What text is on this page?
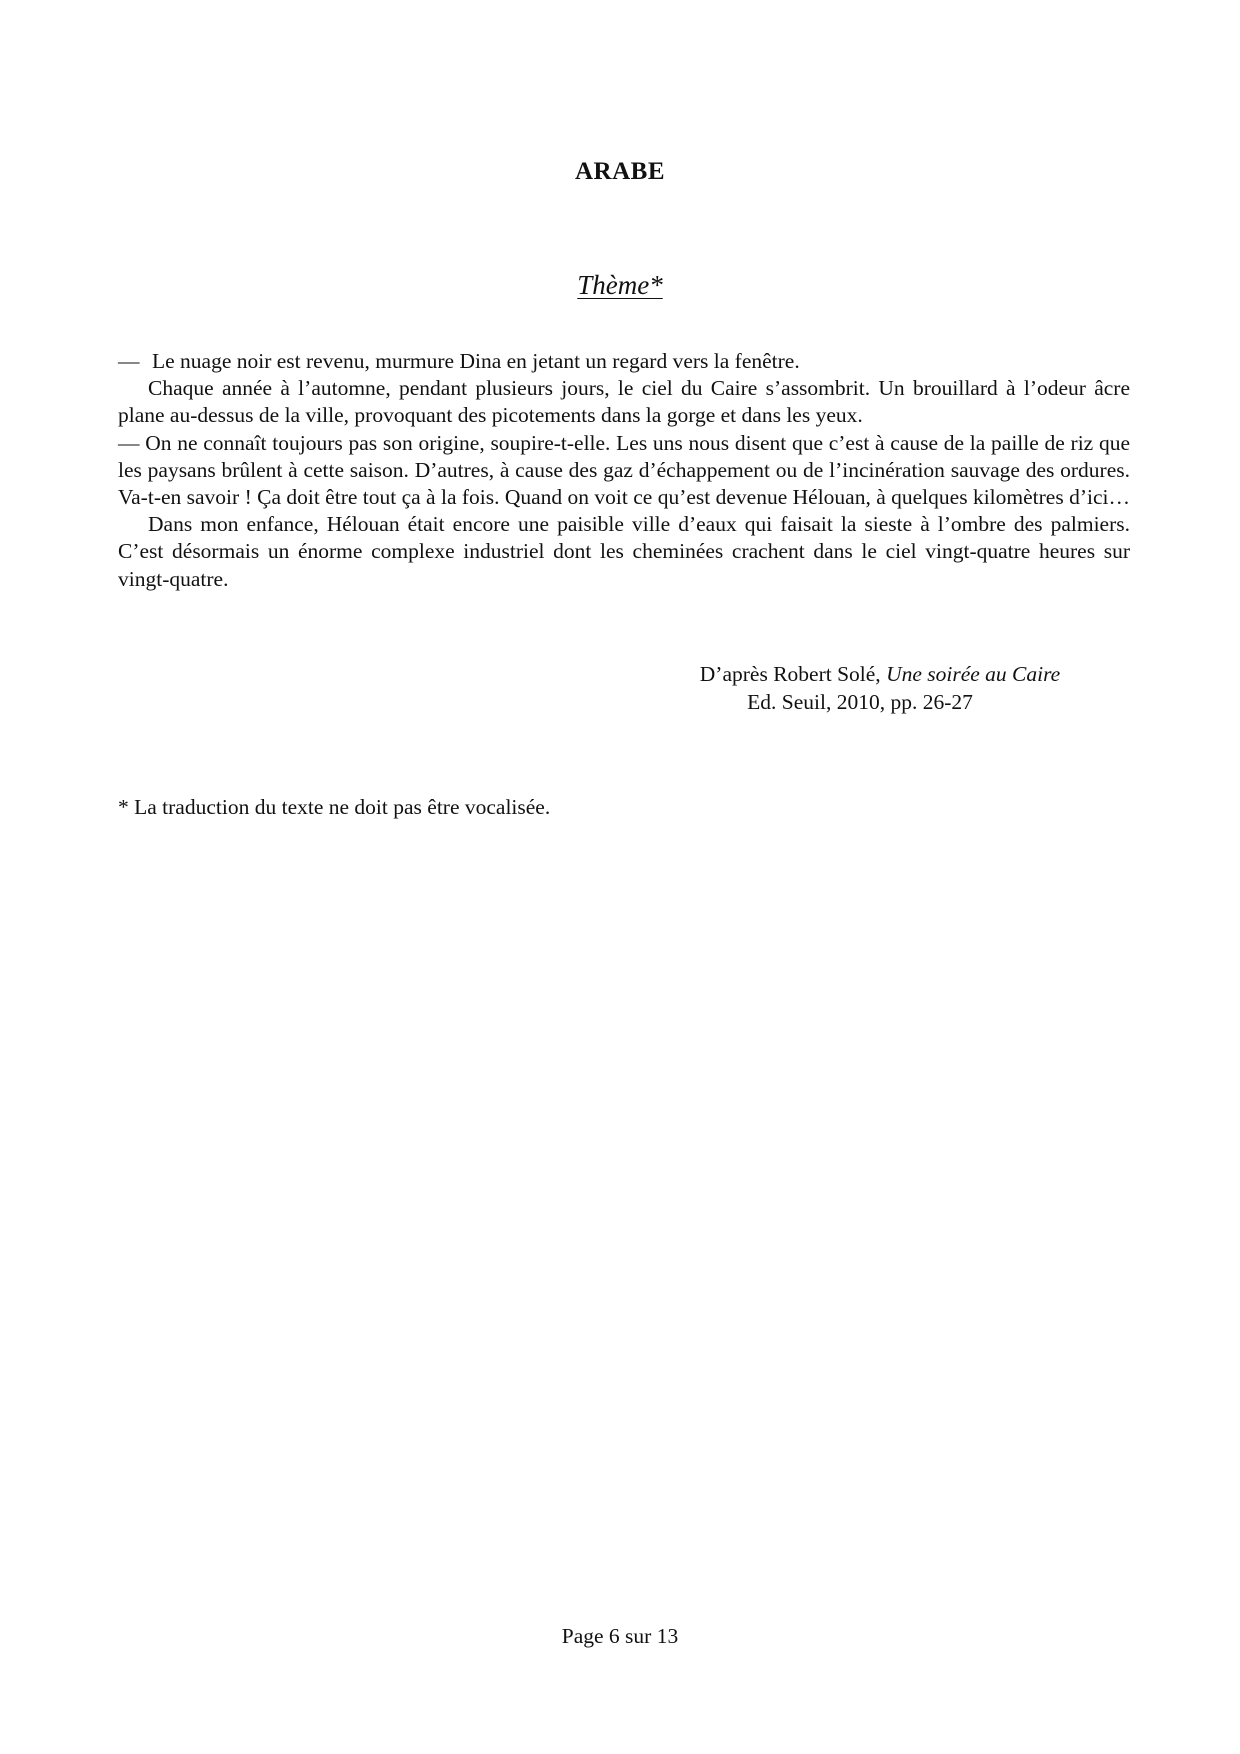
ARABE
Thème*

— Le nuage noir est revenu, murmure Dina en jetant un regard vers la fenêtre.

Chaque année à l’automne, pendant plusieurs jours, le ciel du Caire s’assombrit. Un brouillard à l’odeur âcre plane au-dessus de la ville, provoquant des picotements dans la gorge et dans les yeux.

— On ne connaît toujours pas son origine, soupire-t-elle. Les uns nous disent que c’est à cause de la paille de riz que les paysans brûlent à cette saison. D’autres, à cause des gaz d’échappement ou de l’incinération sauvage des ordures. Va-t-en savoir ! Ça doit être tout ça à la fois. Quand on voit ce qu’est devenue Hélouan, à quelques kilomètres d’ici…

Dans mon enfance, Hélouan était encore une paisible ville d’eaux qui faisait la sieste à l’ombre des palmiers. C’est désormais un énorme complexe industriel dont les cheminées crachent dans le ciel vingt-quatre heures sur vingt-quatre.

D’après Robert Solé, Une soirée au Caire
Ed. Seuil, 2010, pp. 26-27
* La traduction du texte ne doit pas être vocalisée.
Page 6 sur 13
